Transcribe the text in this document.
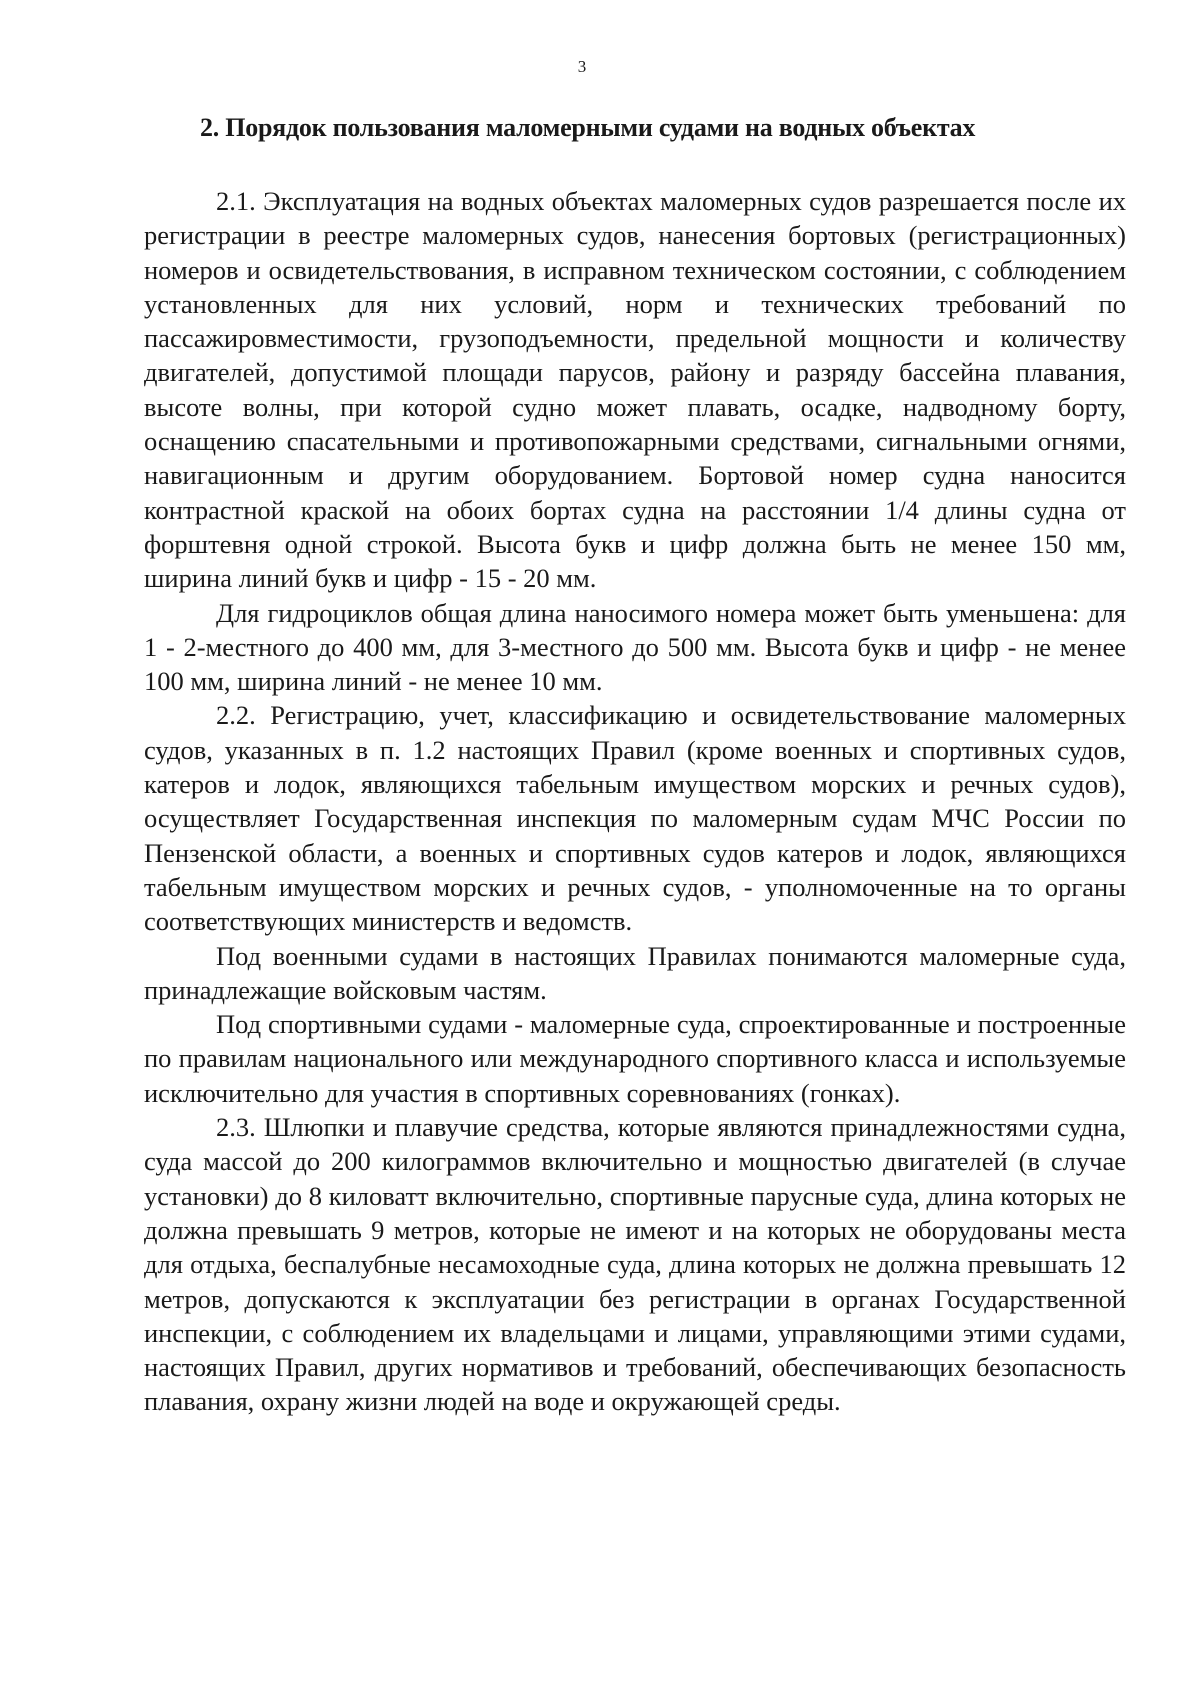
3
2. Порядок пользования маломерными судами на водных объектах

2.1. Эксплуатация на водных объектах маломерных судов разрешается после их регистрации в реестре маломерных судов, нанесения бортовых (регистрационных) номеров и освидетельствования, в исправном техническом состоянии, с соблюдением установленных для них условий, норм и технических требований по пассажировместимости, грузоподъемности, предельной мощности и количеству двигателей, допустимой площади парусов, району и разряду бассейна плавания, высоте волны, при которой судно может плавать, осадке, надводному борту, оснащению спасательными и противопожарными средствами, сигнальными огнями, навигационным и другим оборудованием. Бортовой номер судна наносится контрастной краской на обоих бортах судна на расстоянии 1/4 длины судна от форштевня одной строкой. Высота букв и цифр должна быть не менее 150 мм, ширина линий букв и цифр - 15 - 20 мм.

Для гидроциклов общая длина наносимого номера может быть уменьшена: для 1 - 2-местного до 400 мм, для 3-местного до 500 мм. Высота букв и цифр - не менее 100 мм, ширина линий - не менее 10 мм.

2.2. Регистрацию, учет, классификацию и освидетельствование маломерных судов, указанных в п. 1.2 настоящих Правил (кроме военных и спортивных судов, катеров и лодок, являющихся табельным имуществом морских и речных судов), осуществляет Государственная инспекция по маломерным судам МЧС России по Пензенской области, а военных и спортивных судов катеров и лодок, являющихся табельным имуществом морских и речных судов, - уполномоченные на то органы соответствующих министерств и ведомств.

Под военными судами в настоящих Правилах понимаются маломерные суда, принадлежащие войсковым частям.

Под спортивными судами - маломерные суда, спроектированные и построенные по правилам национального или международного спортивного класса и используемые исключительно для участия в спортивных соревнованиях (гонках).

2.3. Шлюпки и плавучие средства, которые являются принадлежностями судна, суда массой до 200 килограммов включительно и мощностью двигателей (в случае установки) до 8 киловатт включительно, спортивные парусные суда, длина которых не должна превышать 9 метров, которые не имеют и на которых не оборудованы места для отдыха, беспалубные несамоходные суда, длина которых не должна превышать 12 метров, допускаются к эксплуатации без регистрации в органах Государственной инспекции, с соблюдением их владельцами и лицами, управляющими этими судами, настоящих Правил, других нормативов и требований, обеспечивающих безопасность плавания, охрану жизни людей на воде и окружающей среды.
